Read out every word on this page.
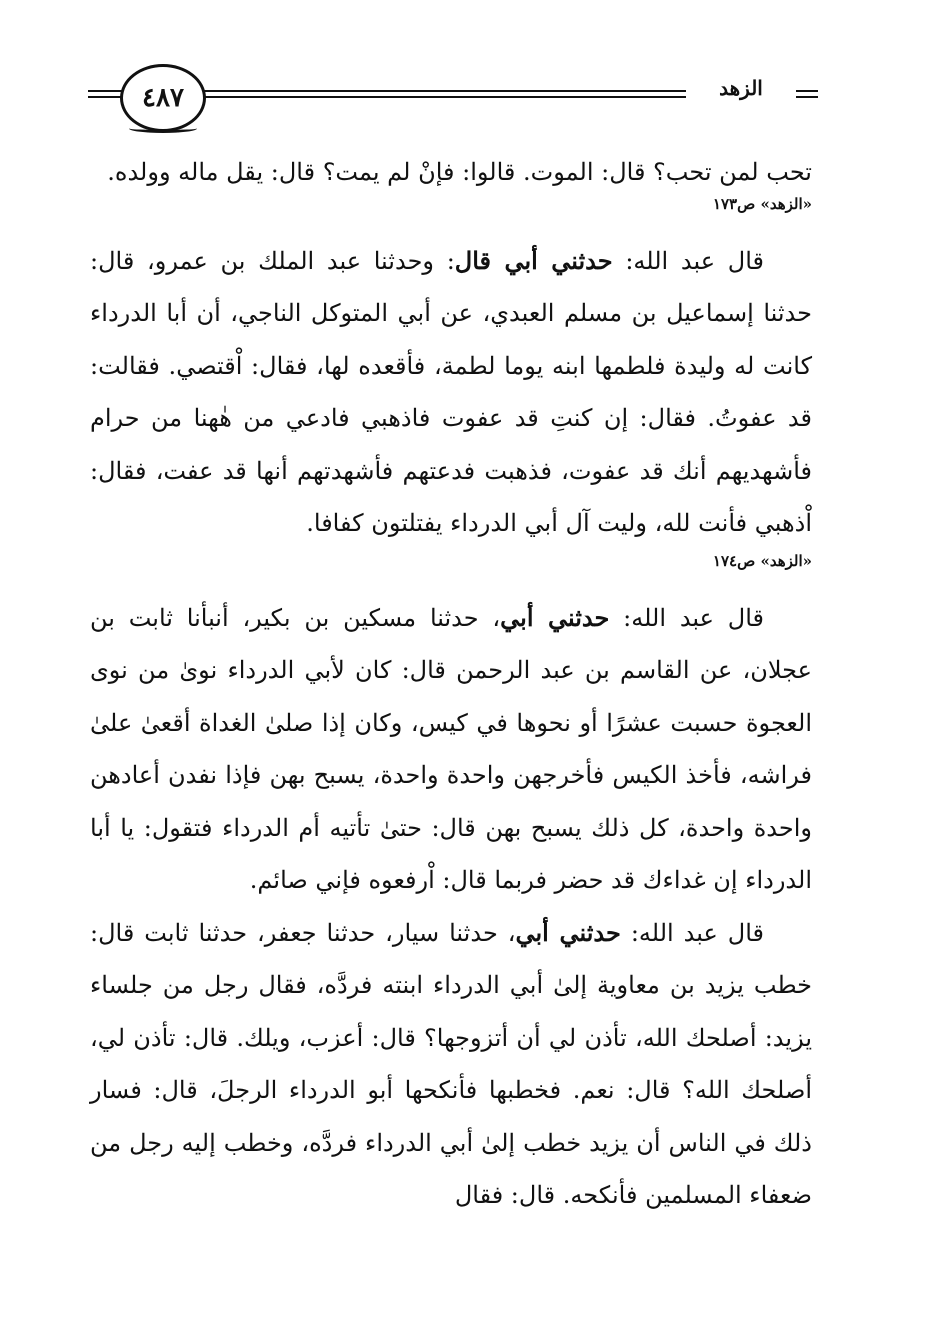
٤٨٧	الزهد

تحب لمن تحب؟ قال: الموت. قالوا: فإنْ لم يمت؟ قال: يقل ماله وولده.

«الزهد» ص١٧٣

قال عبد الله: حدثني أبي قال: وحدثنا عبد الملك بن عمرو، قال: حدثنا إسماعيل بن مسلم العبدي، عن أبي المتوكل الناجي، أن أبا الدرداء كانت له وليدة فلطمها ابنه يوما لطمة، فأقعده لها، فقال: اْقتصي. فقالت: قد عفوتُ. فقال: إن كنتِ قد عفوت فاذهبي فادعي من هٰهنا من حرام فأشهديهم أنك قد عفوت، فذهبت فدعتهم فأشهدتهم أنها قد عفت، فقال: اْذهبي فأنت لله، وليت آل أبي الدرداء يفتلتون كفافا.

«الزهد» ص١٧٤

قال عبد الله: حدثني أبي، حدثنا مسكين بن بكير، أنبأنا ثابت بن عجلان، عن القاسم بن عبد الرحمن قال: كان لأبي الدرداء نوىٰ من نوى العجوة حسبت عشرًا أو نحوها في كيس، وكان إذا صلىٰ الغداة أقعىٰ علىٰ فراشه، فأخذ الكيس فأخرجهن واحدة واحدة، يسبح بهن فإذا نفدن أعادهن واحدة واحدة، كل ذلك يسبح بهن قال: حتىٰ تأتيه أم الدرداء فتقول: يا أبا الدرداء إن غداءك قد حضر فربما قال: اْرفعوه فإني صائم.

قال عبد الله: حدثني أبي، حدثنا سيار، حدثنا جعفر، حدثنا ثابت قال: خطب يزيد بن معاوية إلىٰ أبي الدرداء ابنته فردَّه، فقال رجل من جلساء يزيد: أصلحك الله، تأذن لي أن أتزوجها؟ قال: أعزب، ويلك. قال: تأذن لي، أصلحك الله؟ قال: نعم. فخطبها فأنكحها أبو الدرداء الرجلَ، قال: فسار ذلك في الناس أن يزيد خطب إلىٰ أبي الدرداء فردَّه، وخطب إليه رجل من ضعفاء المسلمين فأنكحه. قال: فقال
